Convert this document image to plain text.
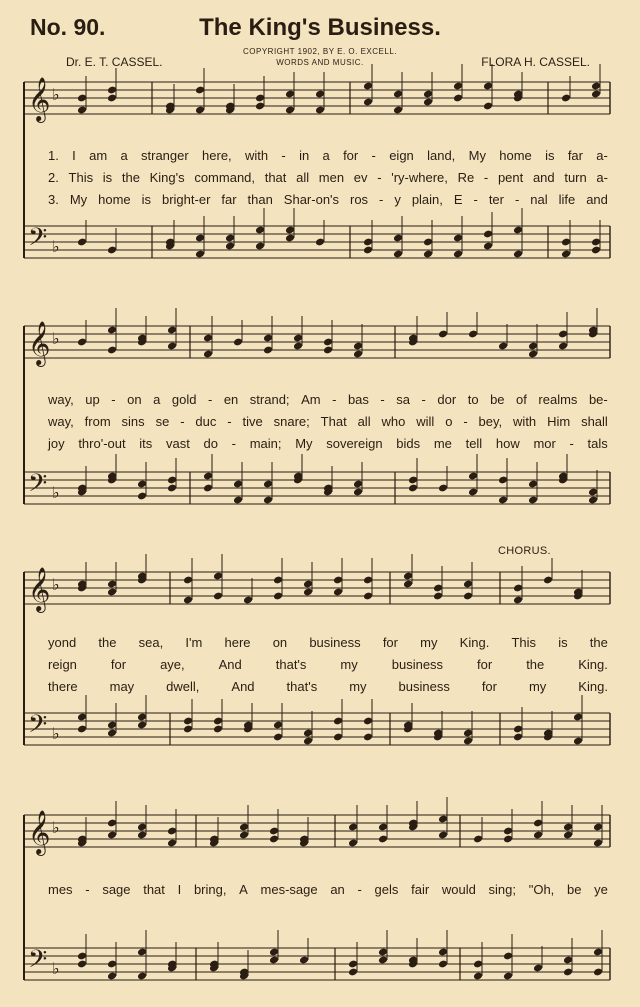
No. 90.	The King's Business.
Dr. E. T. CASSEL.
COPYRIGHT 1902, BY E. O. EXCELL.
WORDS AND MUSIC.	FLORA H. CASSEL.
𝄞
𝄢
♭
♭
𝄞
𝄢
♭
♭
𝄞
𝄢
♭
♭
𝄞
𝄢
♭
♭
CHORUS.
1. I am a stranger here, with - in a for - eign land, My home is far a-
2. This is the King's command, that all men ev - 'ry-where, Re - pent and turn a-
3. My home is bright-er far than Shar-on's ros - y plain, E - ter - nal life and
way, up - on a gold - en strand; Am - bas - sa - dor to be of realms be-
way, from sins se - duc - tive snare; That all who will o - bey, with Him shall
joy thro'-out its vast do - main; My sovereign bids me tell how mor - tals
yond the sea, I'm here on business for my King. This is the
reign	for	aye,	And	that's	my	business	for	the	King.
there may dwell, And that's my business for my King.
mes - sage that I bring, A mes-sage an - gels fair would sing; "Oh, be ye
